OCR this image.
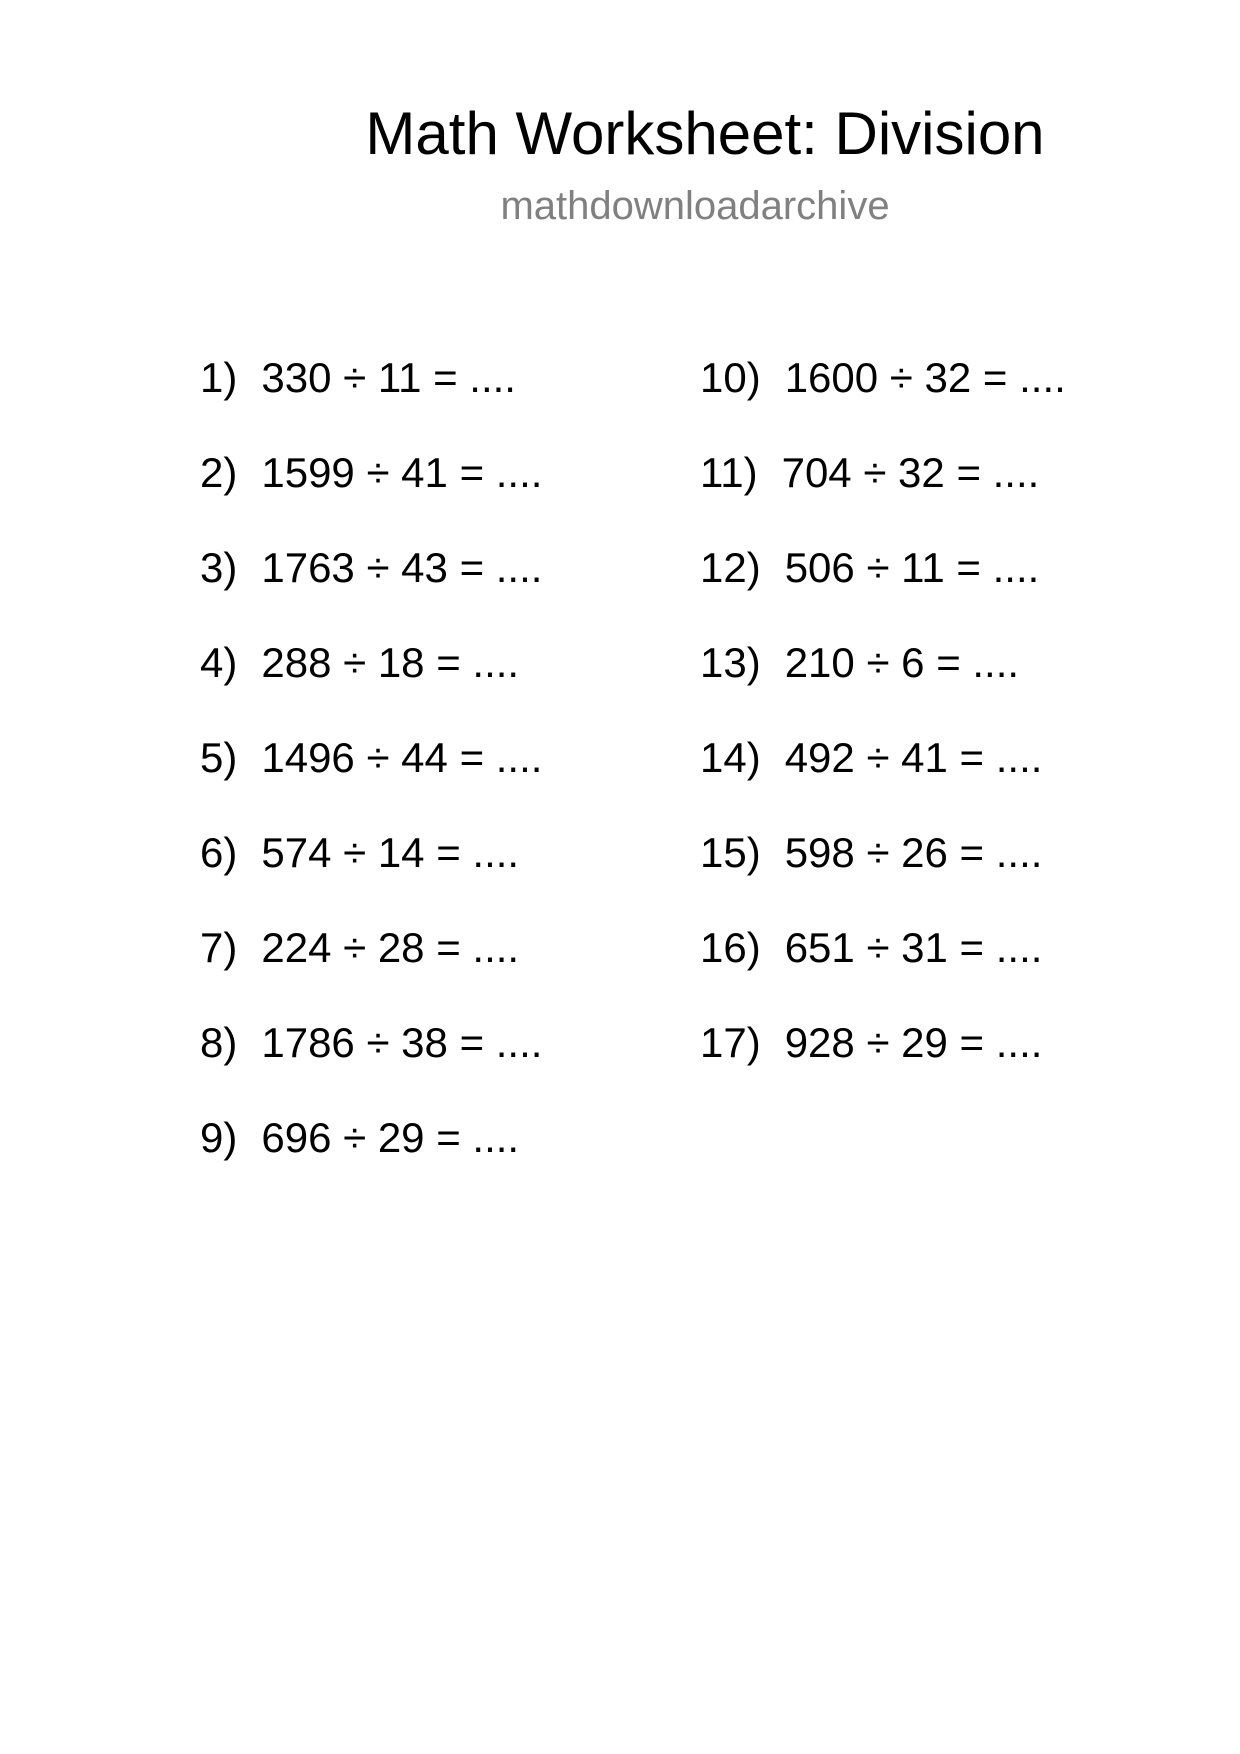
Math Worksheet: Division
mathdownloadarchive
1) 330 ÷ 11 = ....
2) 1599 ÷ 41 = ....
3) 1763 ÷ 43 = ....
4) 288 ÷ 18 = ....
5) 1496 ÷ 44 = ....
6) 574 ÷ 14 = ....
7) 224 ÷ 28 = ....
8) 1786 ÷ 38 = ....
9) 696 ÷ 29 = ....
10) 1600 ÷ 32 = ....
11) 704 ÷ 32 = ....
12) 506 ÷ 11 = ....
13) 210 ÷ 6 = ....
14) 492 ÷ 41 = ....
15) 598 ÷ 26 = ....
16) 651 ÷ 31 = ....
17) 928 ÷ 29 = ....
